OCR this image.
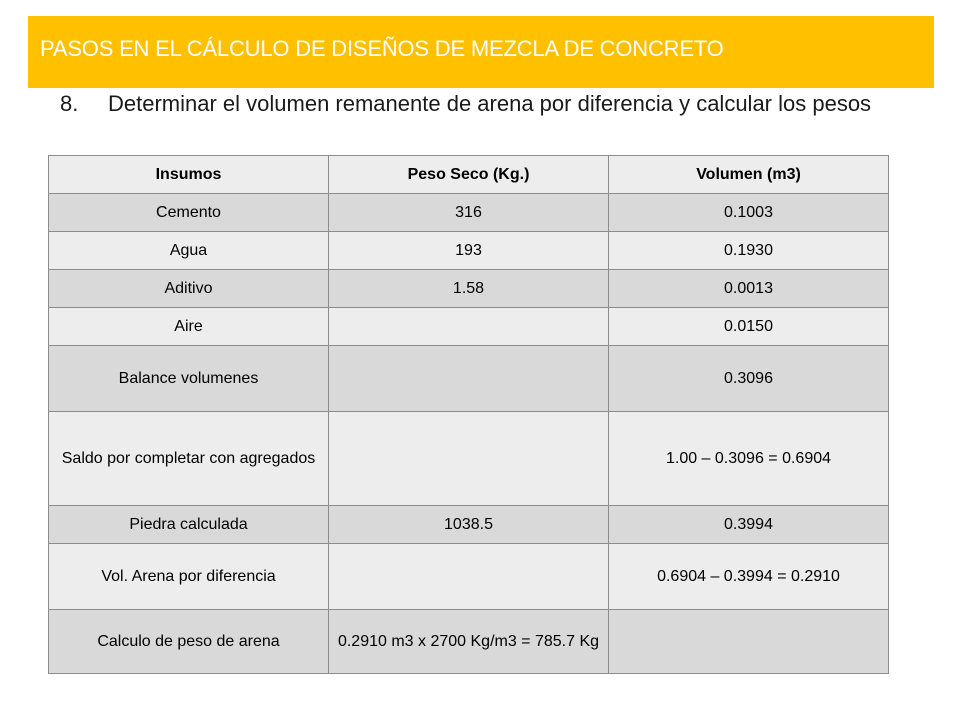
PASOS EN EL CÁLCULO DE DISEÑOS DE MEZCLA DE CONCRETO
8.	Determinar el volumen remanente de arena por diferencia y calcular los pesos
Insumos	Peso Seco (Kg.)	Volumen (m3)
Cemento	316	0.1003
Agua	193	0.1930
Aditivo	1.58	0.0013
Aire		0.0150
Balance volumenes		0.3096
Saldo por completar con agregados		1.00 – 0.3096 = 0.6904
Piedra calculada	1038.5	0.3994
Vol. Arena por diferencia		0.6904 – 0.3994 = 0.2910
Calculo de peso de arena	0.2910 m3 x 2700 Kg/m3 = 785.7 Kg	
